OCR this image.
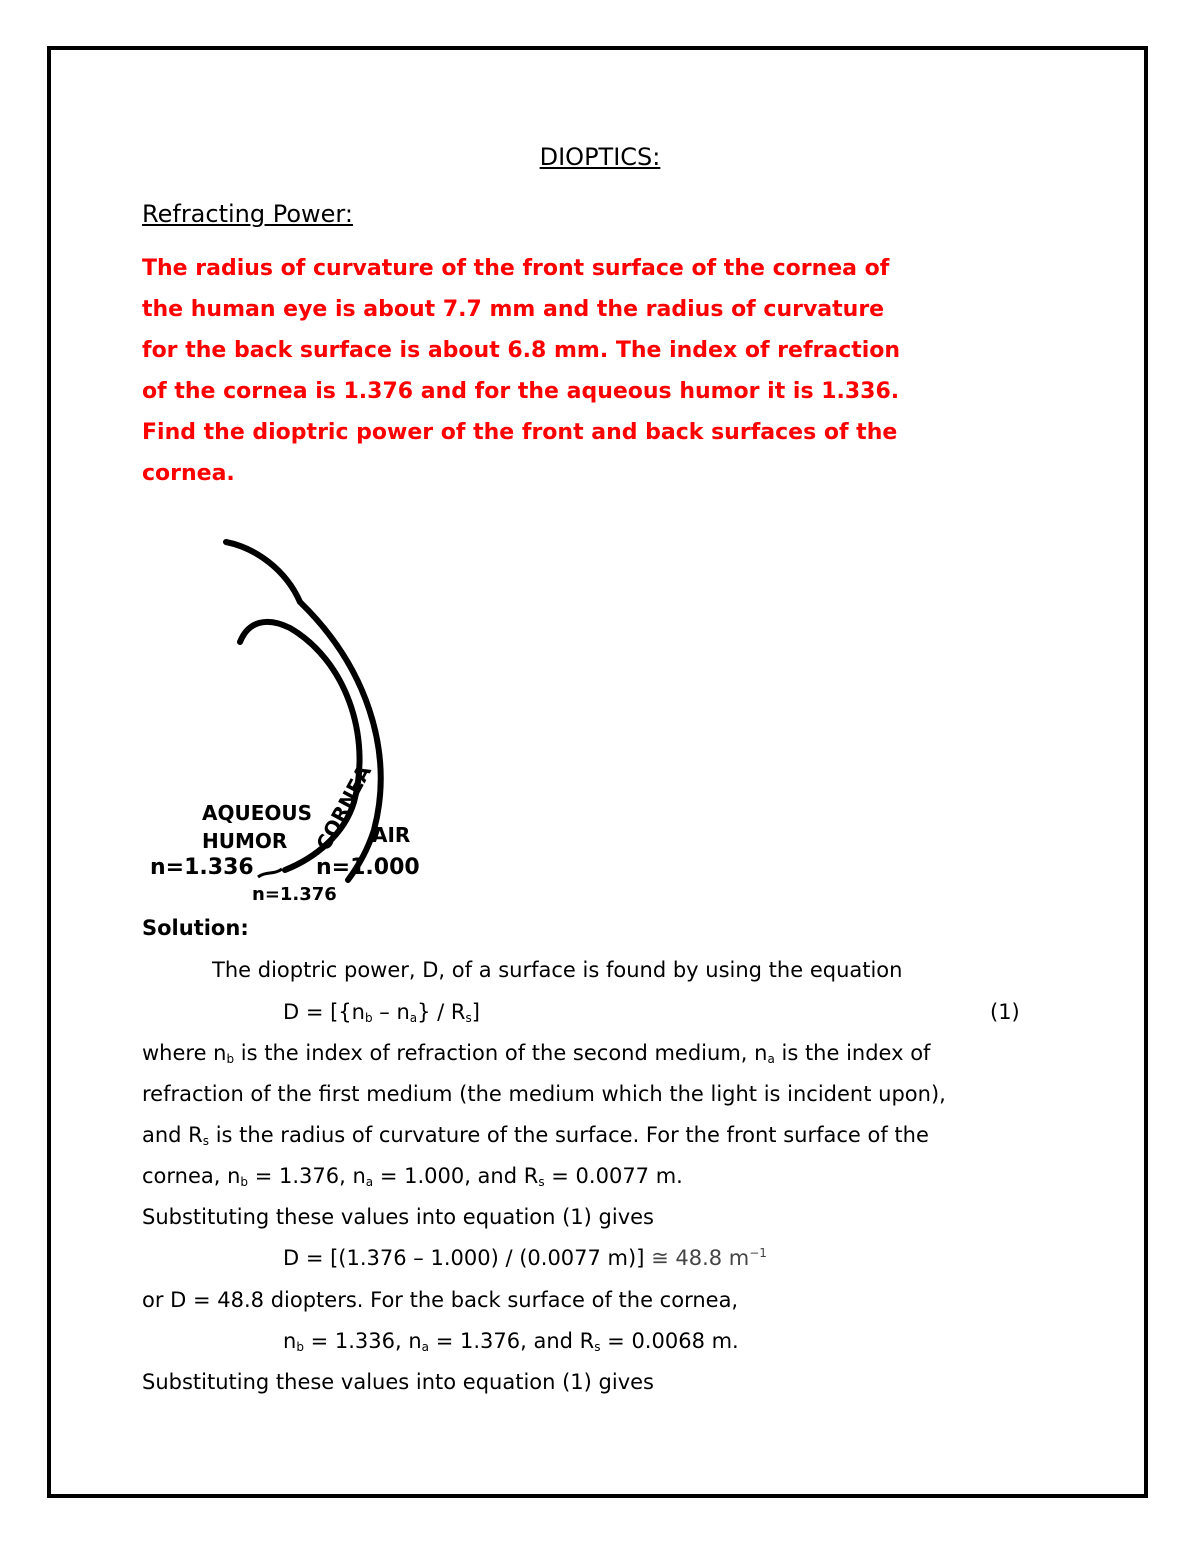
DIOPTICS:
Refracting Power:
The radius of curvature of the front surface of the cornea of
the human eye is about 7.7 mm and the radius of curvature
for the back surface is about 6.8 mm. The index of refraction
of the cornea is 1.376 and for the aqueous humor it is 1.336.
Find the dioptric power of the front and back surfaces of the
cornea.
AQUEOUS
HUMOR
n=1.336
CORNEA
AIR
n=1.000
n=1.376
Solution:
The dioptric power, D, of a surface is found by using the equation
$D = [\{n_b - n_a\} / R_s]$	(1)
where $n_b$ is the index of refraction of the second medium, $n_a$ is the index of
refraction of the first medium (the medium which the light is incident upon),
and $R_s$ is the radius of curvature of the surface. For the front surface of the
cornea, $n_b = 1.376$, $n_a = 1.000$, and $R_s = 0.0077$ m.
Substituting these values into equation (1) gives
D = [(1.376 – 1.000) / (0.0077 m)] ≅ 48.8 $m^{-1}$
or D = 48.8 diopters. For the back surface of the cornea,
$n_b = 1.336$, $n_a = 1.376$, and $R_s = 0.0068$ m.
Substituting these values into equation (1) gives
